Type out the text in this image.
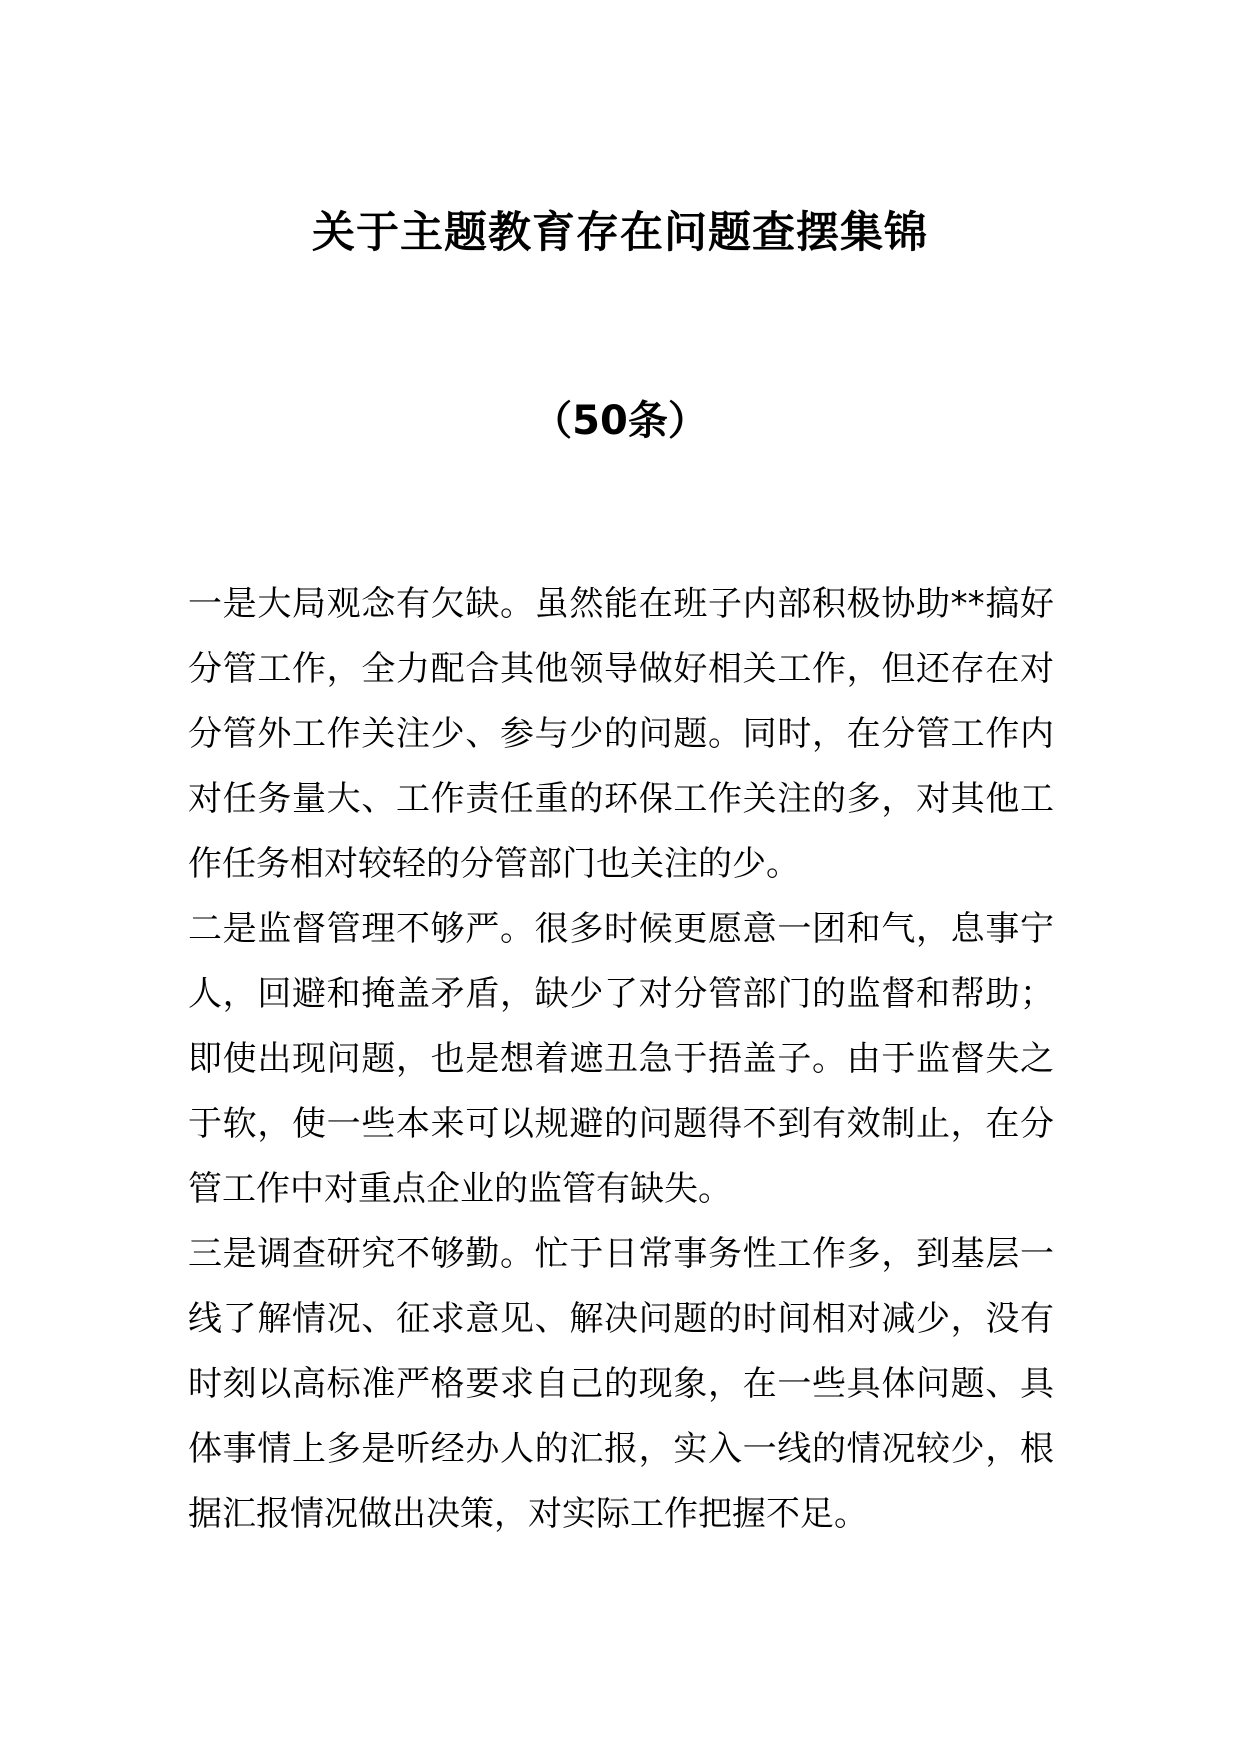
关于主题教育存在问题查摆集锦
（50条）

一是大局观念有欠缺。虽然能在班子内部积极协助**搞好
分管工作，全力配合其他领导做好相关工作，但还存在对
分管外工作关注少、参与少的问题。同时，在分管工作内
对任务量大、工作责任重的环保工作关注的多，对其他工
作任务相对较轻的分管部门也关注的少。

二是监督管理不够严。很多时候更愿意一团和气，息事宁
人，回避和掩盖矛盾，缺少了对分管部门的监督和帮助；
即使出现问题，也是想着遮丑急于捂盖子。由于监督失之
于软，使一些本来可以规避的问题得不到有效制止，在分
管工作中对重点企业的监管有缺失。

三是调查研究不够勤。忙于日常事务性工作多，到基层一
线了解情况、征求意见、解决问题的时间相对减少，没有
时刻以高标准严格要求自己的现象，在一些具体问题、具
体事情上多是听经办人的汇报，实入一线的情况较少，根
据汇报情况做出决策，对实际工作把握不足。
